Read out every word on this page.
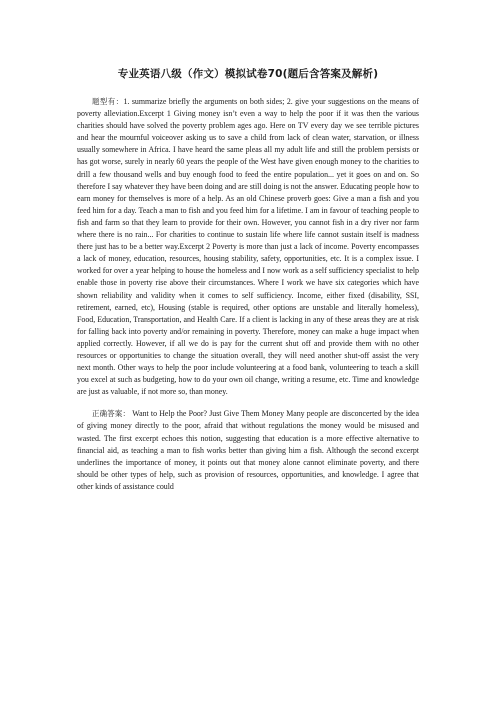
专业英语八级（作文）模拟试卷70(题后含答案及解析)

题型有：1. summarize briefly the arguments on both sides; 2. give your suggestions on the means of poverty alleviation.Excerpt 1 Giving money isn’t even a way to help the poor if it was then the various charities should have solved the poverty problem ages ago. Here on TV every day we see terrible pictures and hear the mournful voiceover asking us to save a child from lack of clean water, starvation, or illness usually somewhere in Africa. I have heard the same pleas all my adult life and still the problem persists or has got worse, surely in nearly 60 years the people of the West have given enough money to the charities to drill a few thousand wells and buy enough food to feed the entire population... yet it goes on and on. So therefore I say whatever they have been doing and are still doing is not the answer. Educating people how to earn money for themselves is more of a help. As an old Chinese proverb goes: Give a man a fish and you feed him for a day. Teach a man to fish and you feed him for a lifetime. I am in favour of teaching people to fish and farm so that they learn to provide for their own. However, you cannot fish in a dry river nor farm where there is no rain... For charities to continue to sustain life where life cannot sustain itself is madness there just has to be a better way.Excerpt 2 Poverty is more than just a lack of income. Poverty encompasses a lack of money, education, resources, housing stability, safety, opportunities, etc. It is a complex issue. I worked for over a year helping to house the homeless and I now work as a self sufficiency specialist to help enable those in poverty rise above their circumstances. Where I work we have six categories which have shown reliability and validity when it comes to self sufficiency. Income, either fixed (disability, SSI, retirement, earned, etc), Housing (stable is required, other options are unstable and literally homeless), Food, Education, Transportation, and Health Care. If a client is lacking in any of these areas they are at risk for falling back into poverty and/or remaining in poverty. Therefore, money can make a huge impact when applied correctly. However, if all we do is pay for the current shut off and provide them with no other resources or opportunities to change the situation overall, they will need another shut-off assist the very next month. Other ways to help the poor include volunteering at a food bank, volunteering to teach a skill you excel at such as budgeting, how to do your own oil change, writing a resume, etc. Time and knowledge are just as valuable, if not more so, than money.

正确答案： Want to Help the Poor? Just Give Them Money Many people are disconcerted by the idea of giving money directly to the poor, afraid that without regulations the money would be misused and wasted. The first excerpt echoes this notion, suggesting that education is a more effective alternative to financial aid, as teaching a man to fish works better than giving him a fish. Although the second excerpt underlines the importance of money, it points out that money alone cannot eliminate poverty, and there should be other types of help, such as provision of resources, opportunities, and knowledge. I agree that other kinds of assistance could
